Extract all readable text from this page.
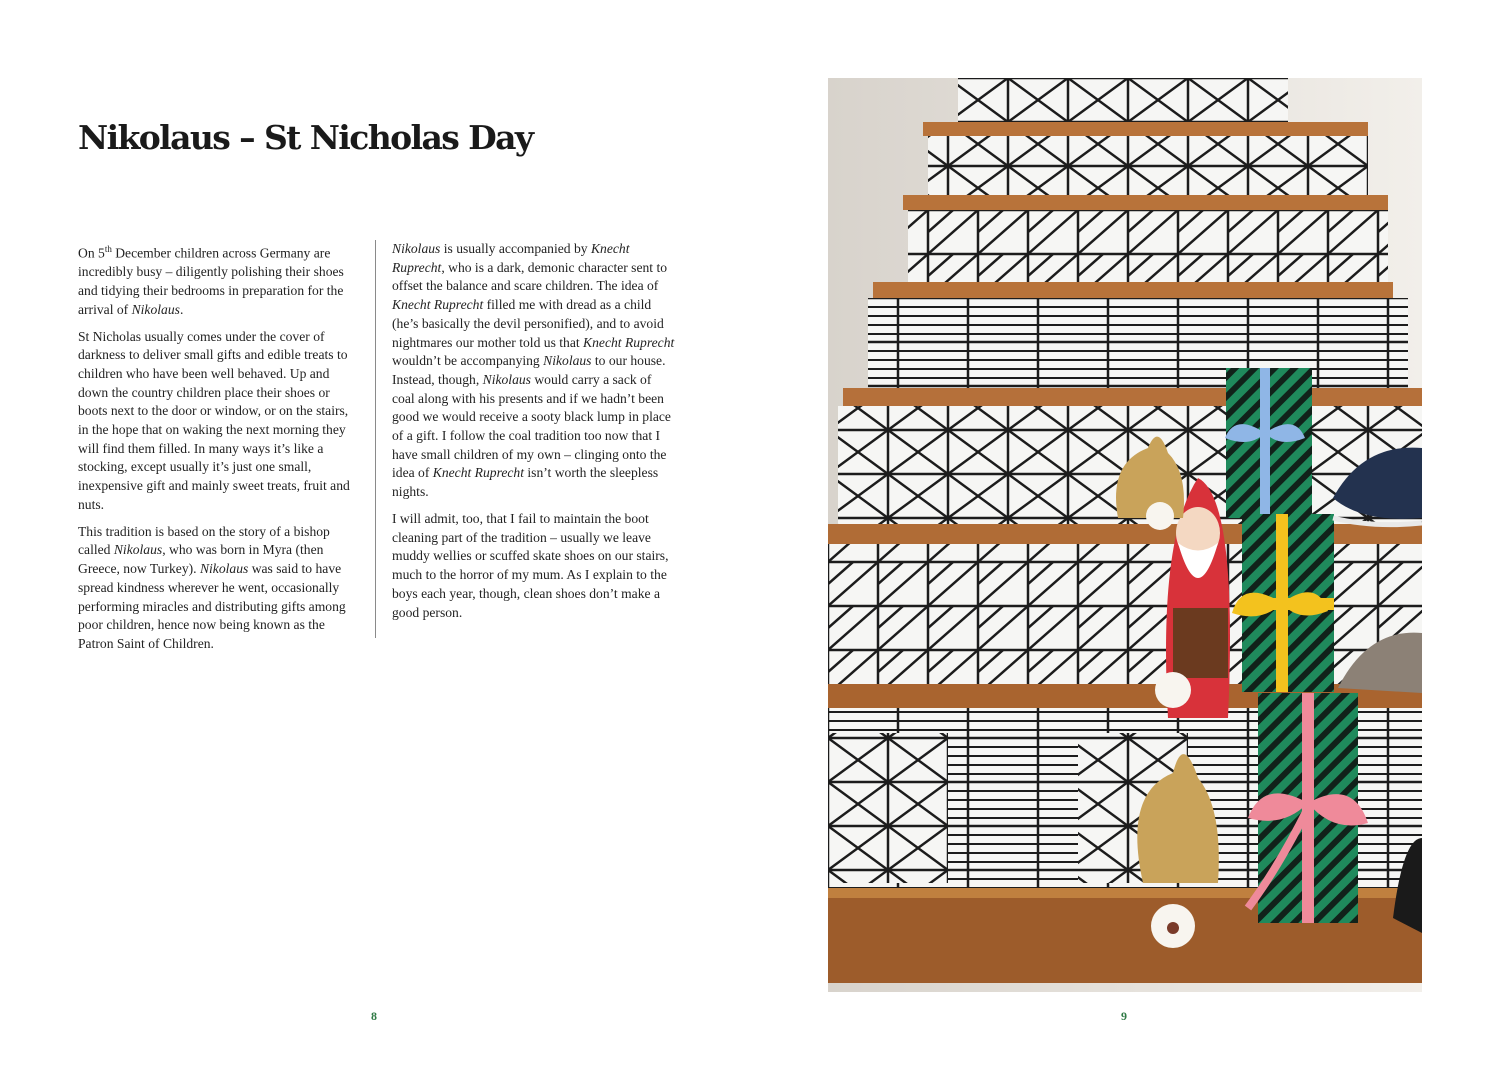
Nikolaus – St Nicholas Day

On 5th December children across Germany are incredibly busy – diligently polishing their shoes and tidying their bedrooms in preparation for the arrival of Nikolaus.

St Nicholas usually comes under the cover of darkness to deliver small gifts and edible treats to children who have been well behaved. Up and down the country children place their shoes or boots next to the door or window, or on the stairs, in the hope that on waking the next morning they will find them filled. In many ways it’s like a stocking, except usually it’s just one small, inexpensive gift and mainly sweet treats, fruit and nuts.

This tradition is based on the story of a bishop called Nikolaus, who was born in Myra (then Greece, now Turkey). Nikolaus was said to have spread kindness wherever he went, occasionally performing miracles and distributing gifts among poor children, hence now being known as the Patron Saint of Children.

Nikolaus is usually accompanied by Knecht Ruprecht, who is a dark, demonic character sent to offset the balance and scare children. The idea of Knecht Ruprecht filled me with dread as a child (he’s basically the devil personified), and to avoid nightmares our mother told us that Knecht Ruprecht wouldn’t be accompanying Nikolaus to our house. Instead, though, Nikolaus would carry a sack of coal along with his presents and if we hadn’t been good we would receive a sooty black lump in place of a gift. I follow the coal tradition too now that I have small children of my own – clinging onto the idea of Knecht Ruprecht isn’t worth the sleepless nights.

I will admit, too, that I fail to maintain the boot cleaning part of the tradition – usually we leave muddy wellies or scuffed skate shoes on our stairs, much to the horror of my mum. As I explain to the boys each year, though, clean shoes don’t make a good person.

8	9
